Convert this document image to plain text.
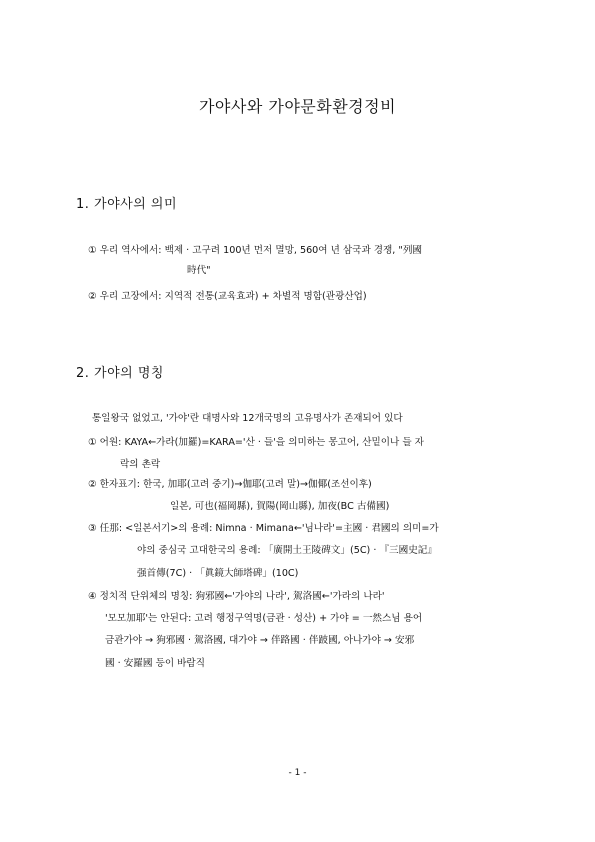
가야사와 가야문화환경정비
1. 가야사의 의미
① 우리 역사에서: 백제 · 고구려 100년 먼저 멸망, 560여 년 삼국과 경쟁, "列國
時代"
② 우리 고장에서: 지역적 전통(교육효과) + 차별적 명함(관광산업)
2. 가야의 명칭
통일왕국 없었고, '가야'란 대명사와 12개국명의 고유명사가 존재되어 있다
① 어원: KAYA←가라(加羅)=KARA='산 · 들'을 의미하는 몽고어, 산밑이나 들 자
락의 촌락
② 한자표기: 한국, 加耶(고려 중기)→伽耶(고려 말)→伽倻(조선이후)
일본, 可也(福岡縣), 賀陽(岡山縣), 加夜(BC 古備國)
③ 任那: <일본서기>의 용례: Nimna · Mimana←'님나라'=主國 · 君國의 의미=가
야의 중심국 고대한국의 용례: 「廣開土王陵碑文」(5C) · 『三國史記』
强首傳(7C) · 「眞鏡大師塔碑」(10C)
④ 정치적 단위체의 명칭: 狗邪國←'가야의 나라', 駕洛國←'가라의 나라'
'모모加耶'는 안된다: 고려 행정구역명(금관 · 성산) + 가야 = 一然스님 용어
금관가야 → 狗邪國 · 駕洛國, 대가야 → 伴路國 · 伴跛國, 아나가야 → 安邪
國 · 安羅國 등이 바람직
- 1 -
